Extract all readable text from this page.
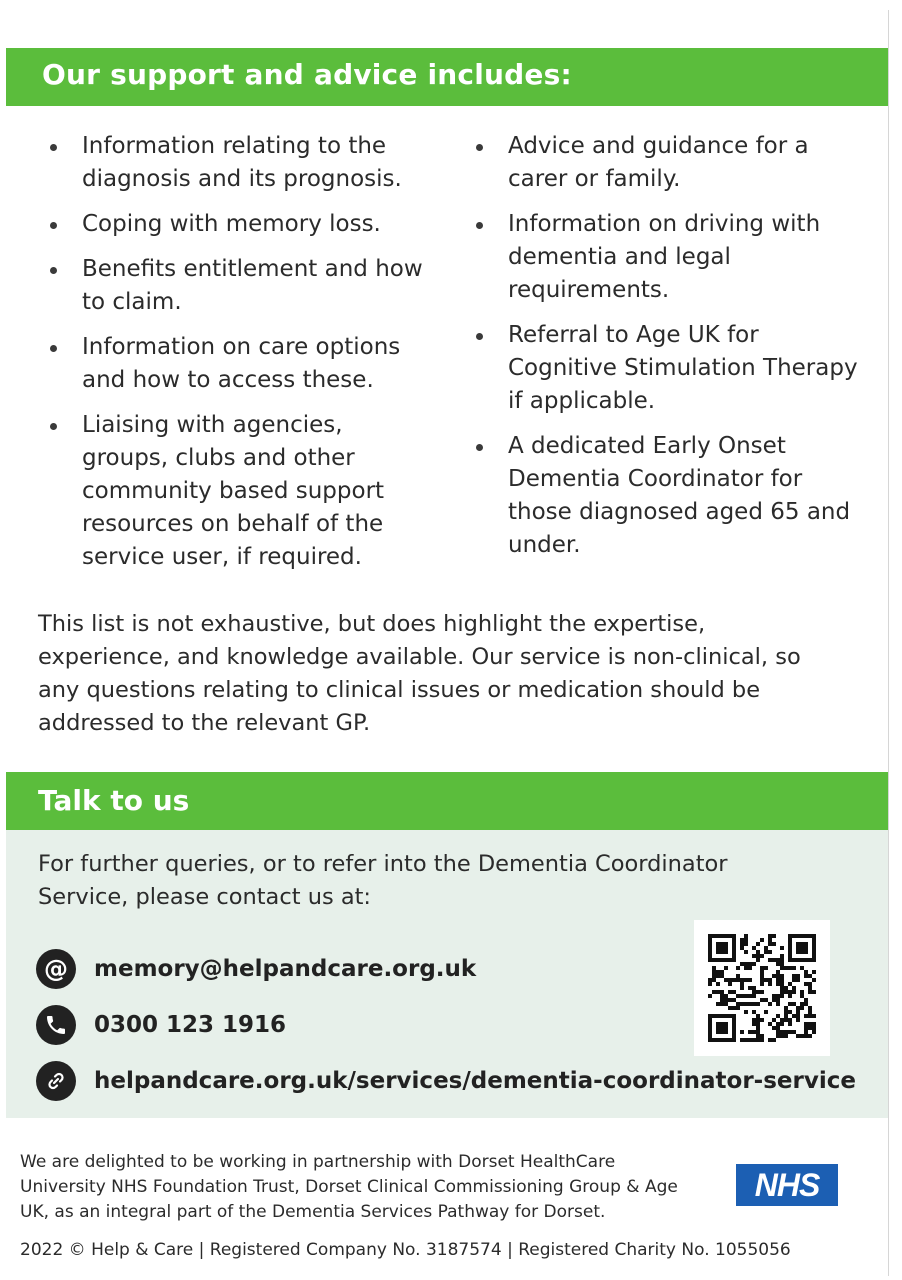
Our support and advice includes:
Information relating to the diagnosis and its prognosis.
Coping with memory loss.
Benefits entitlement and how to claim.
Information on care options and how to access these.
Liaising with agencies, groups, clubs and other community based support resources on behalf of the service user, if required.
Advice and guidance for a carer or family.
Information on driving with dementia and legal requirements.
Referral to Age UK for Cognitive Stimulation Therapy if applicable.
A dedicated Early Onset Dementia Coordinator for those diagnosed aged 65 and under.

This list is not exhaustive, but does highlight the expertise, experience, and knowledge available. Our service is non-clinical, so any questions relating to clinical issues or medication should be addressed to the relevant GP.

Talk to us

For further queries, or to refer into the Dementia Coordinator Service, please contact us at:

@	memory@helpandcare.org.uk
0300 123 1916
helpandcare.org.uk/services/dementia-coordinator-service

We are delighted to be working in partnership with Dorset HealthCare University NHS Foundation Trust, Dorset Clinical Commissioning Group & Age UK, as an integral part of the Dementia Services Pathway for Dorset.

NHS
2022 © Help & Care | Registered Company No. 3187574 | Registered Charity No. 1055056
